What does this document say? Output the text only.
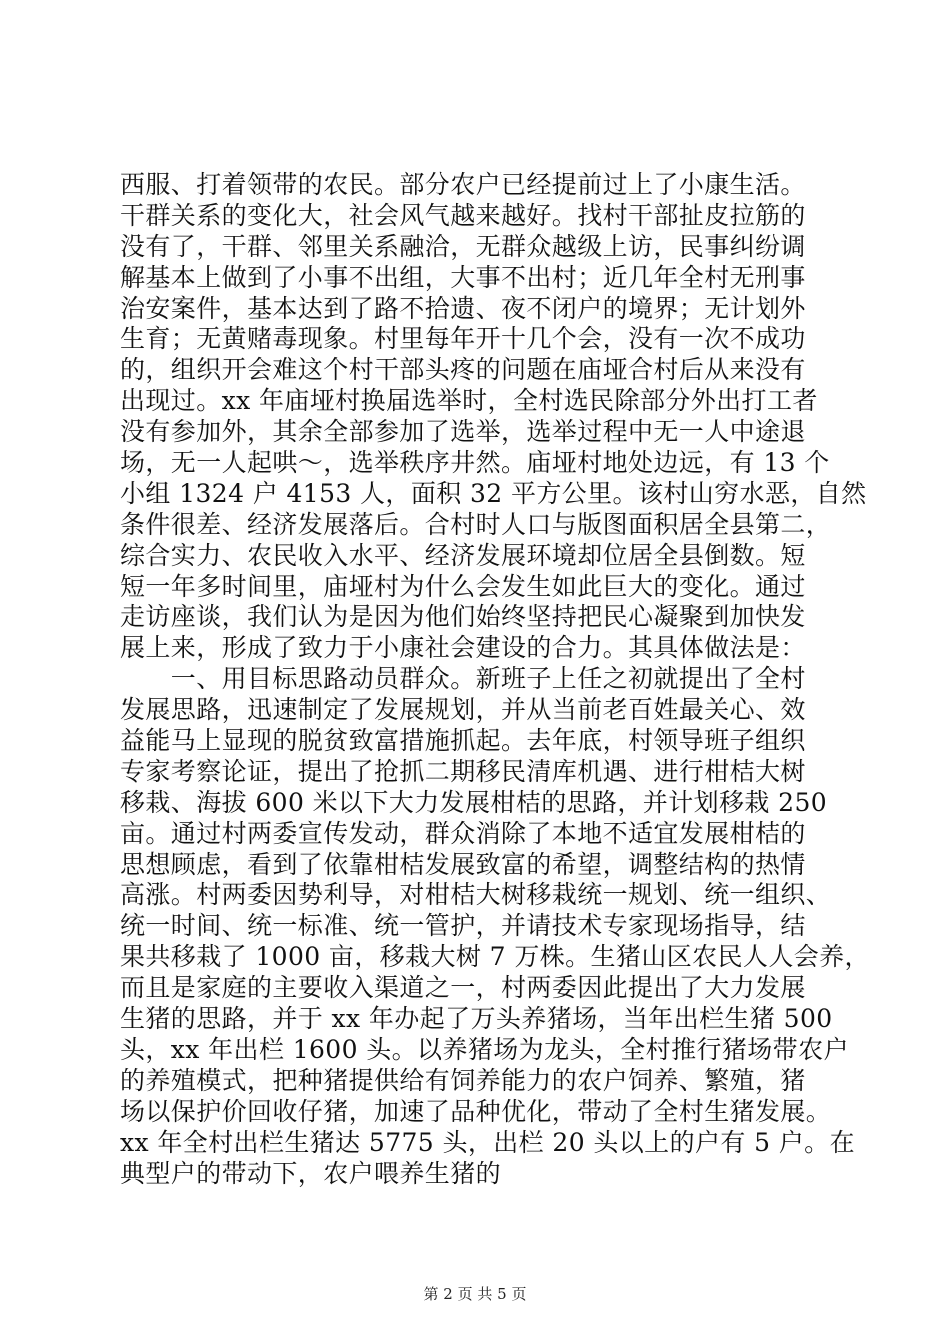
西服、打着领带的农民。部分农户已经提前过上了小康生活。
干群关系的变化大，社会风气越来越好。找村干部扯皮拉筋的
没有了，干群、邻里关系融洽，无群众越级上访，民事纠纷调
解基本上做到了小事不出组，大事不出村；近几年全村无刑事
治安案件，基本达到了路不拾遗、夜不闭户的境界；无计划外
生育；无黄赌毒现象。村里每年开十几个会，没有一次不成功
的，组织开会难这个村干部头疼的问题在庙垭合村后从来没有
出现过。xx 年庙垭村换届选举时，全村选民除部分外出打工者
没有参加外，其余全部参加了选举，选举过程中无一人中途退
场，无一人起哄～，选举秩序井然。庙垭村地处边远，有 13 个
小组 1324 户 4153 人，面积 32 平方公里。该村山穷水恶，自然
条件很差、经济发展落后。合村时人口与版图面积居全县第二，
综合实力、农民收入水平、经济发展环境却位居全县倒数。短
短一年多时间里，庙垭村为什么会发生如此巨大的变化。通过
走访座谈，我们认为是因为他们始终坚持把民心凝聚到加快发
展上来，形成了致力于小康社会建设的合力。其具体做法是：
　　一、用目标思路动员群众。新班子上任之初就提出了全村
发展思路，迅速制定了发展规划，并从当前老百姓最关心、效
益能马上显现的脱贫致富措施抓起。去年底，村领导班子组织
专家考察论证，提出了抢抓二期移民清库机遇、进行柑桔大树
移栽、海拔 600 米以下大力发展柑桔的思路，并计划移栽 250
亩。通过村两委宣传发动，群众消除了本地不适宜发展柑桔的
思想顾虑，看到了依靠柑桔发展致富的希望，调整结构的热情
高涨。村两委因势利导，对柑桔大树移栽统一规划、统一组织、
统一时间、统一标准、统一管护，并请技术专家现场指导，结
果共移栽了 1000 亩，移栽大树 7 万株。生猪山区农民人人会养，
而且是家庭的主要收入渠道之一，村两委因此提出了大力发展
生猪的思路，并于 xx 年办起了万头养猪场，当年出栏生猪 500
头，xx 年出栏 1600 头。以养猪场为龙头，全村推行猪场带农户
的养殖模式，把种猪提供给有饲养能力的农户饲养、繁殖，猪
场以保护价回收仔猪，加速了品种优化，带动了全村生猪发展。
xx 年全村出栏生猪达 5775 头，出栏 20 头以上的户有 5 户。在
典型户的带动下，农户喂养生猪的
第 2 页 共 5 页
